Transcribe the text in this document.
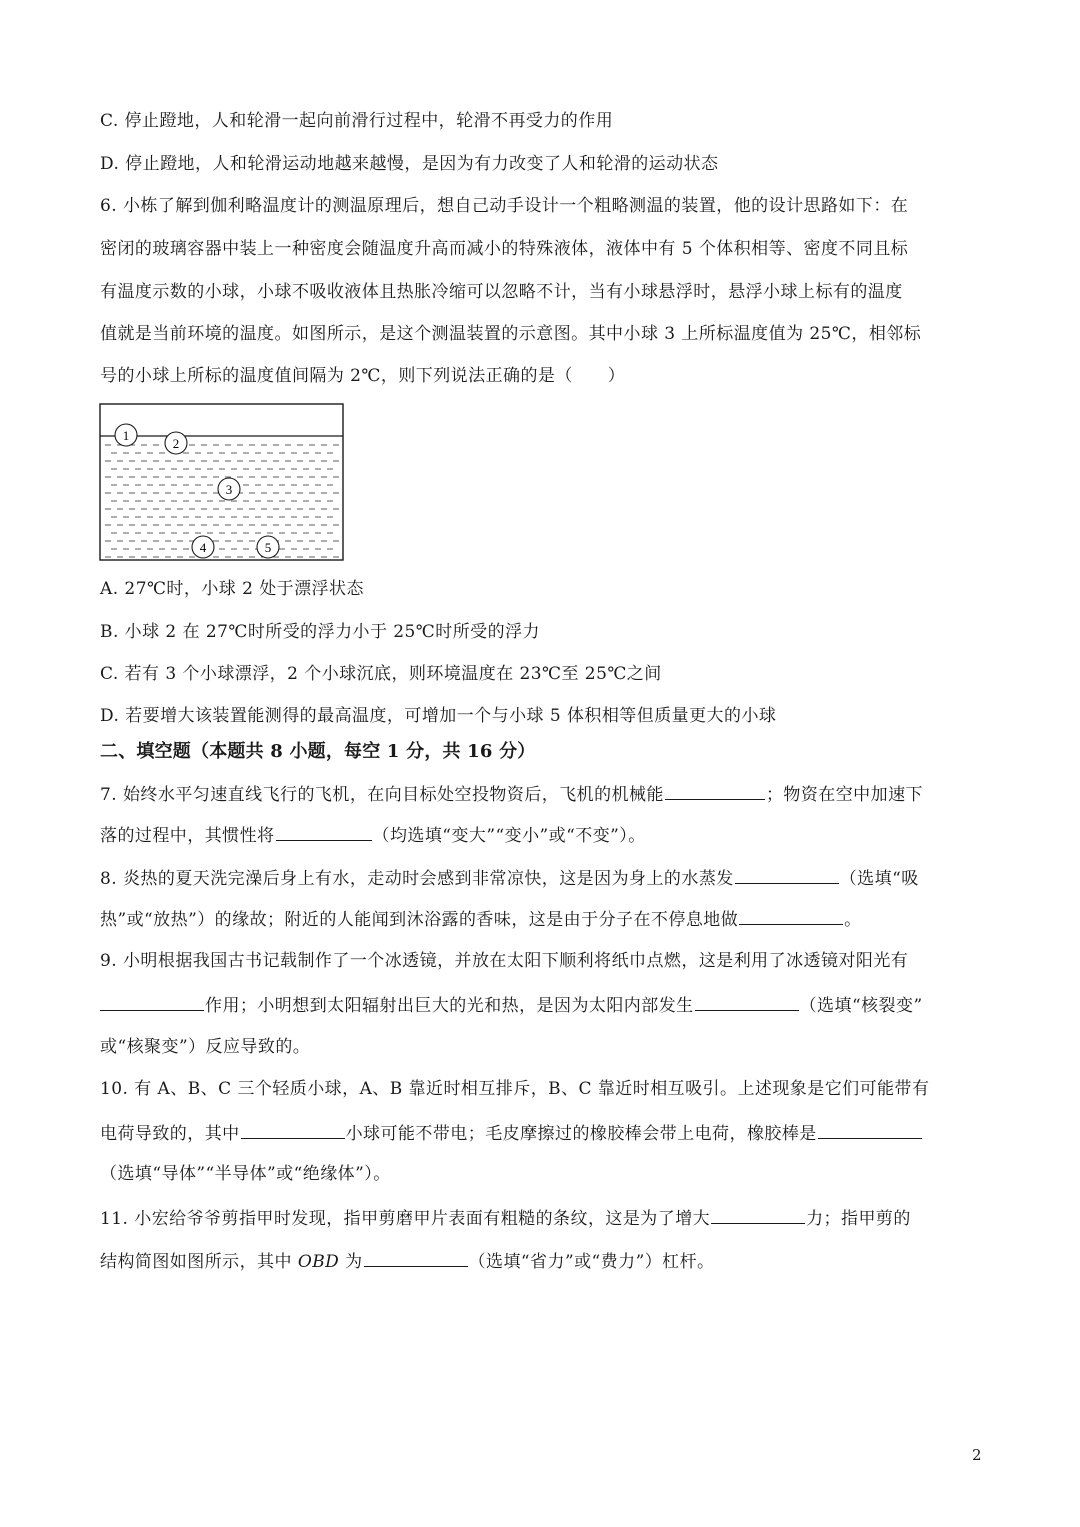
C. 停止蹬地，人和轮滑一起向前滑行过程中，轮滑不再受力的作用
D. 停止蹬地，人和轮滑运动地越来越慢，是因为有力改变了人和轮滑的运动状态
6. 小栋了解到伽利略温度计的测温原理后，想自己动手设计一个粗略测温的装置，他的设计思路如下：在
密闭的玻璃容器中装上一种密度会随温度升高而减小的特殊液体，液体中有 5 个体积相等、密度不同且标
有温度示数的小球，小球不吸收液体且热胀冷缩可以忽略不计，当有小球悬浮时，悬浮小球上标有的温度
值就是当前环境的温度。如图所示，是这个测温装置的示意图。其中小球 3 上所标温度值为 25℃，相邻标
号的小球上所标的温度值间隔为 2℃，则下列说法正确的是（　　）
1
2
3
4	5
A. 27℃时，小球 2 处于漂浮状态
B. 小球 2 在 27℃时所受的浮力小于 25℃时所受的浮力
C. 若有 3 个小球漂浮，2 个小球沉底，则环境温度在 23℃至 25℃之间
D. 若要增大该装置能测得的最高温度，可增加一个与小球 5 体积相等但质量更大的小球
二、填空题（本题共 8 小题，每空 1 分，共 16 分）
7. 始终水平匀速直线飞行的飞机，在向目标处空投物资后，飞机的机械能	；物资在空中加速下
落的过程中，其惯性将	（均选填“变大”“变小”或“不变”）。
8. 炎热的夏天洗完澡后身上有水，走动时会感到非常凉快，这是因为身上的水蒸发	（选填“吸
热”或“放热”）的缘故；附近的人能闻到沐浴露的香味，这是由于分子在不停息地做	。
9. 小明根据我国古书记载制作了一个冰透镜，并放在太阳下顺利将纸巾点燃，这是利用了冰透镜对阳光有
作用；小明想到太阳辐射出巨大的光和热，是因为太阳内部发生	（选填“核裂变”
或“核聚变”）反应导致的。
10. 有 A、B、C 三个轻质小球，A、B 靠近时相互排斥，B、C 靠近时相互吸引。上述现象是它们可能带有
电荷导致的，其中	小球可能不带电；毛皮摩擦过的橡胶棒会带上电荷，橡胶棒是
（选填“导体”“半导体”或“绝缘体”）。
11. 小宏给爷爷剪指甲时发现，指甲剪磨甲片表面有粗糙的条纹，这是为了增大	力；指甲剪的
结构简图如图所示，其中 OBD 为	（选填“省力”或“费力”）杠杆。
2
